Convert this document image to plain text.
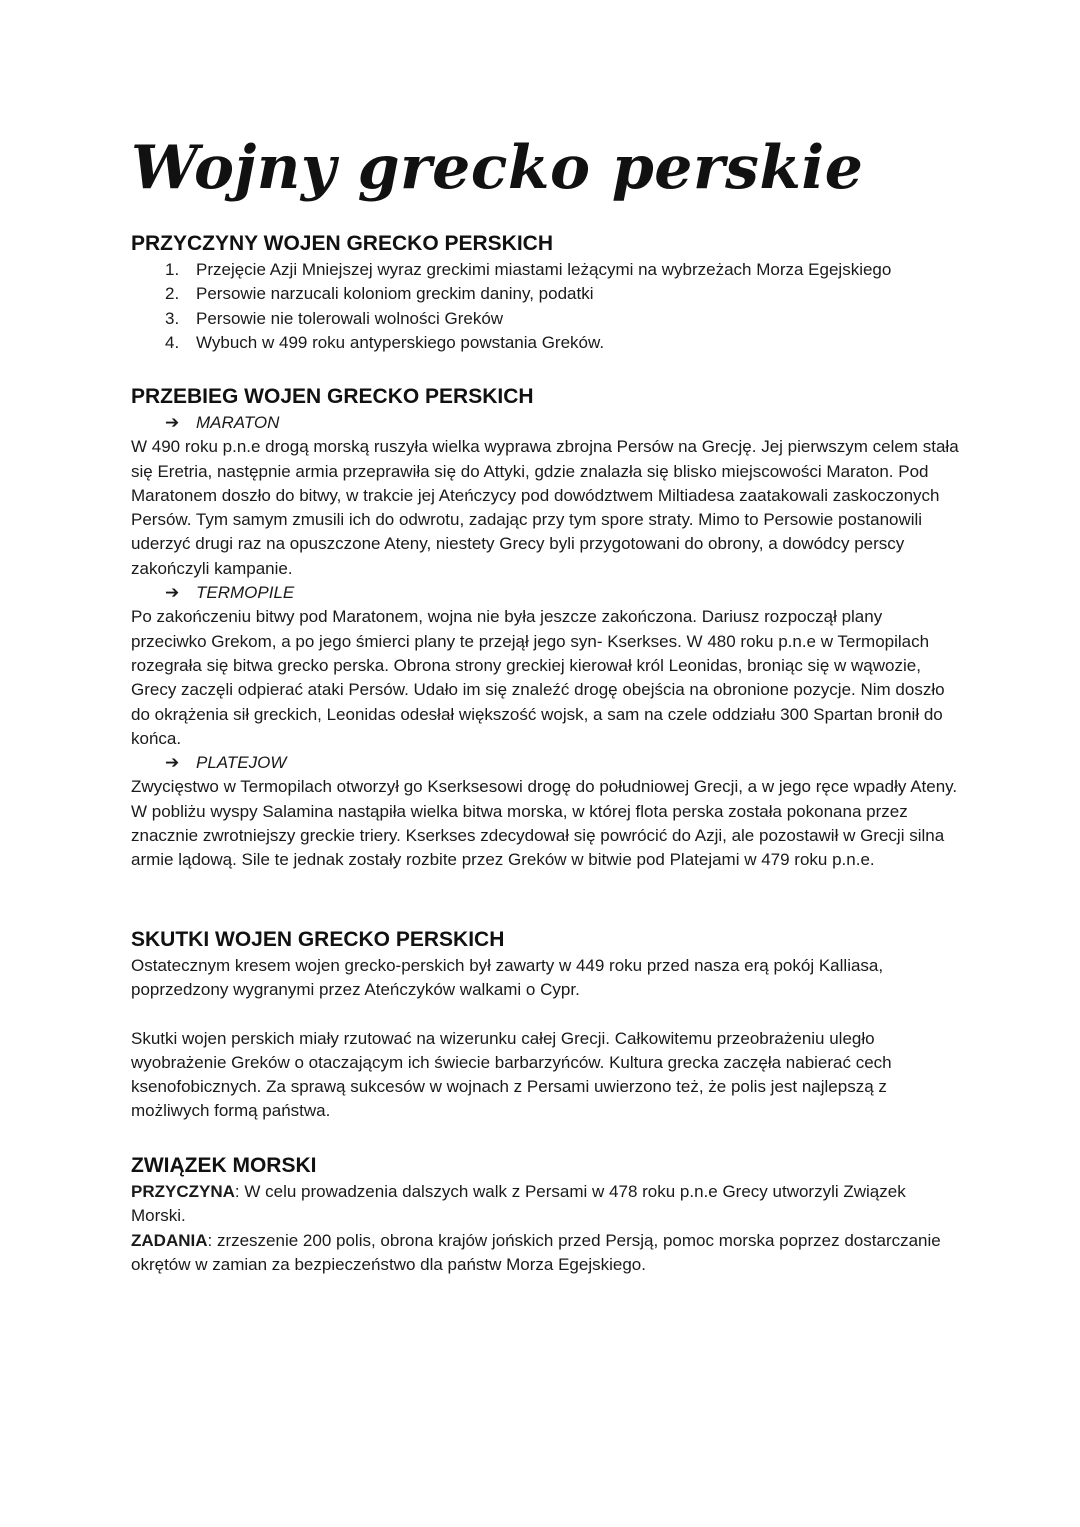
Wojny grecko perskie
PRZYCZYNY WOJEN GRECKO PERSKICH
1. Przejęcie Azji Mniejszej wyraz greckimi miastami leżącymi na wybrzeżach Morza Egejskiego
2. Persowie narzucali koloniom greckim daniny, podatki
3. Persowie nie tolerowali wolności Greków
4. Wybuch w 499 roku antyperskiego powstania Greków.
PRZEBIEG WOJEN GRECKO PERSKICH
➔ MARATON

W 490 roku p.n.e drogą morską ruszyła wielka wyprawa zbrojna Persów na Grecję. Jej pierwszym celem stała się Eretria, następnie armia przeprawiła się do Attyki, gdzie znalazła się blisko miejscowości Maraton. Pod Maratonem doszło do bitwy, w trakcie jej Ateńczycy pod dowództwem Miltiadesa zaatakowali zaskoczonych Persów. Tym samym zmusili ich do odwrotu, zadając przy tym spore straty. Mimo to Persowie postanowili uderzyć drugi raz na opuszczone Ateny, niestety Grecy byli przygotowani do obrony, a dowódcy perscy zakończyli kampanie.

➔ TERMOPILE

Po zakończeniu bitwy pod Maratonem, wojna nie była jeszcze zakończona. Dariusz rozpoczął plany przeciwko Grekom, a po jego śmierci plany te przejął jego syn- Kserkses. W 480 roku p.n.e w Termopilach rozegrała się bitwa grecko perska. Obrona strony greckiej kierował król Leonidas, broniąc się w wąwozie, Grecy zaczęli odpierać ataki Persów. Udało im się znaleźć drogę obejścia na obronione pozycje. Nim doszło do okrążenia sił greckich, Leonidas odesłał większość wojsk, a sam na czele oddziału 300 Spartan bronił do końca.

➔ PLATEJOW

Zwycięstwo w Termopilach otworzył go Kserksesowi drogę do południowej Grecji, a w jego ręce wpadły Ateny. W pobliżu wyspy Salamina nastąpiła wielka bitwa morska, w której flota perska została pokonana przez znacznie zwrotniejszy greckie triery. Kserkses zdecydował się powrócić do Azji, ale pozostawił w Grecji silna armie lądową. Sile te jednak zostały rozbite przez Greków w bitwie pod Platejami w 479 roku p.n.e.

SKUTKI WOJEN GRECKO PERSKICH

Ostatecznym kresem wojen grecko-perskich był zawarty w 449 roku przed nasza erą pokój Kalliasa, poprzedzony wygranymi przez Ateńczyków walkami o Cypr.

Skutki wojen perskich miały rzutować na wizerunku całej Grecji. Całkowitemu przeobrażeniu uległo wyobrażenie Greków o otaczającym ich świecie barbarzyńców. Kultura grecka zaczęła nabierać cech ksenofobicznych. Za sprawą sukcesów w wojnach z Persami uwierzono też, że polis jest najlepszą z możliwych formą państwa.

ZWIĄZEK MORSKI

PRZYCZYNA: W celu prowadzenia dalszych walk z Persami w 478 roku p.n.e Grecy utworzyli Związek Morski.

ZADANIA: zrzeszenie 200 polis, obrona krajów jońskich przed Persją, pomoc morska poprzez dostarczanie okrętów w zamian za bezpieczeństwo dla państw Morza Egejskiego.
